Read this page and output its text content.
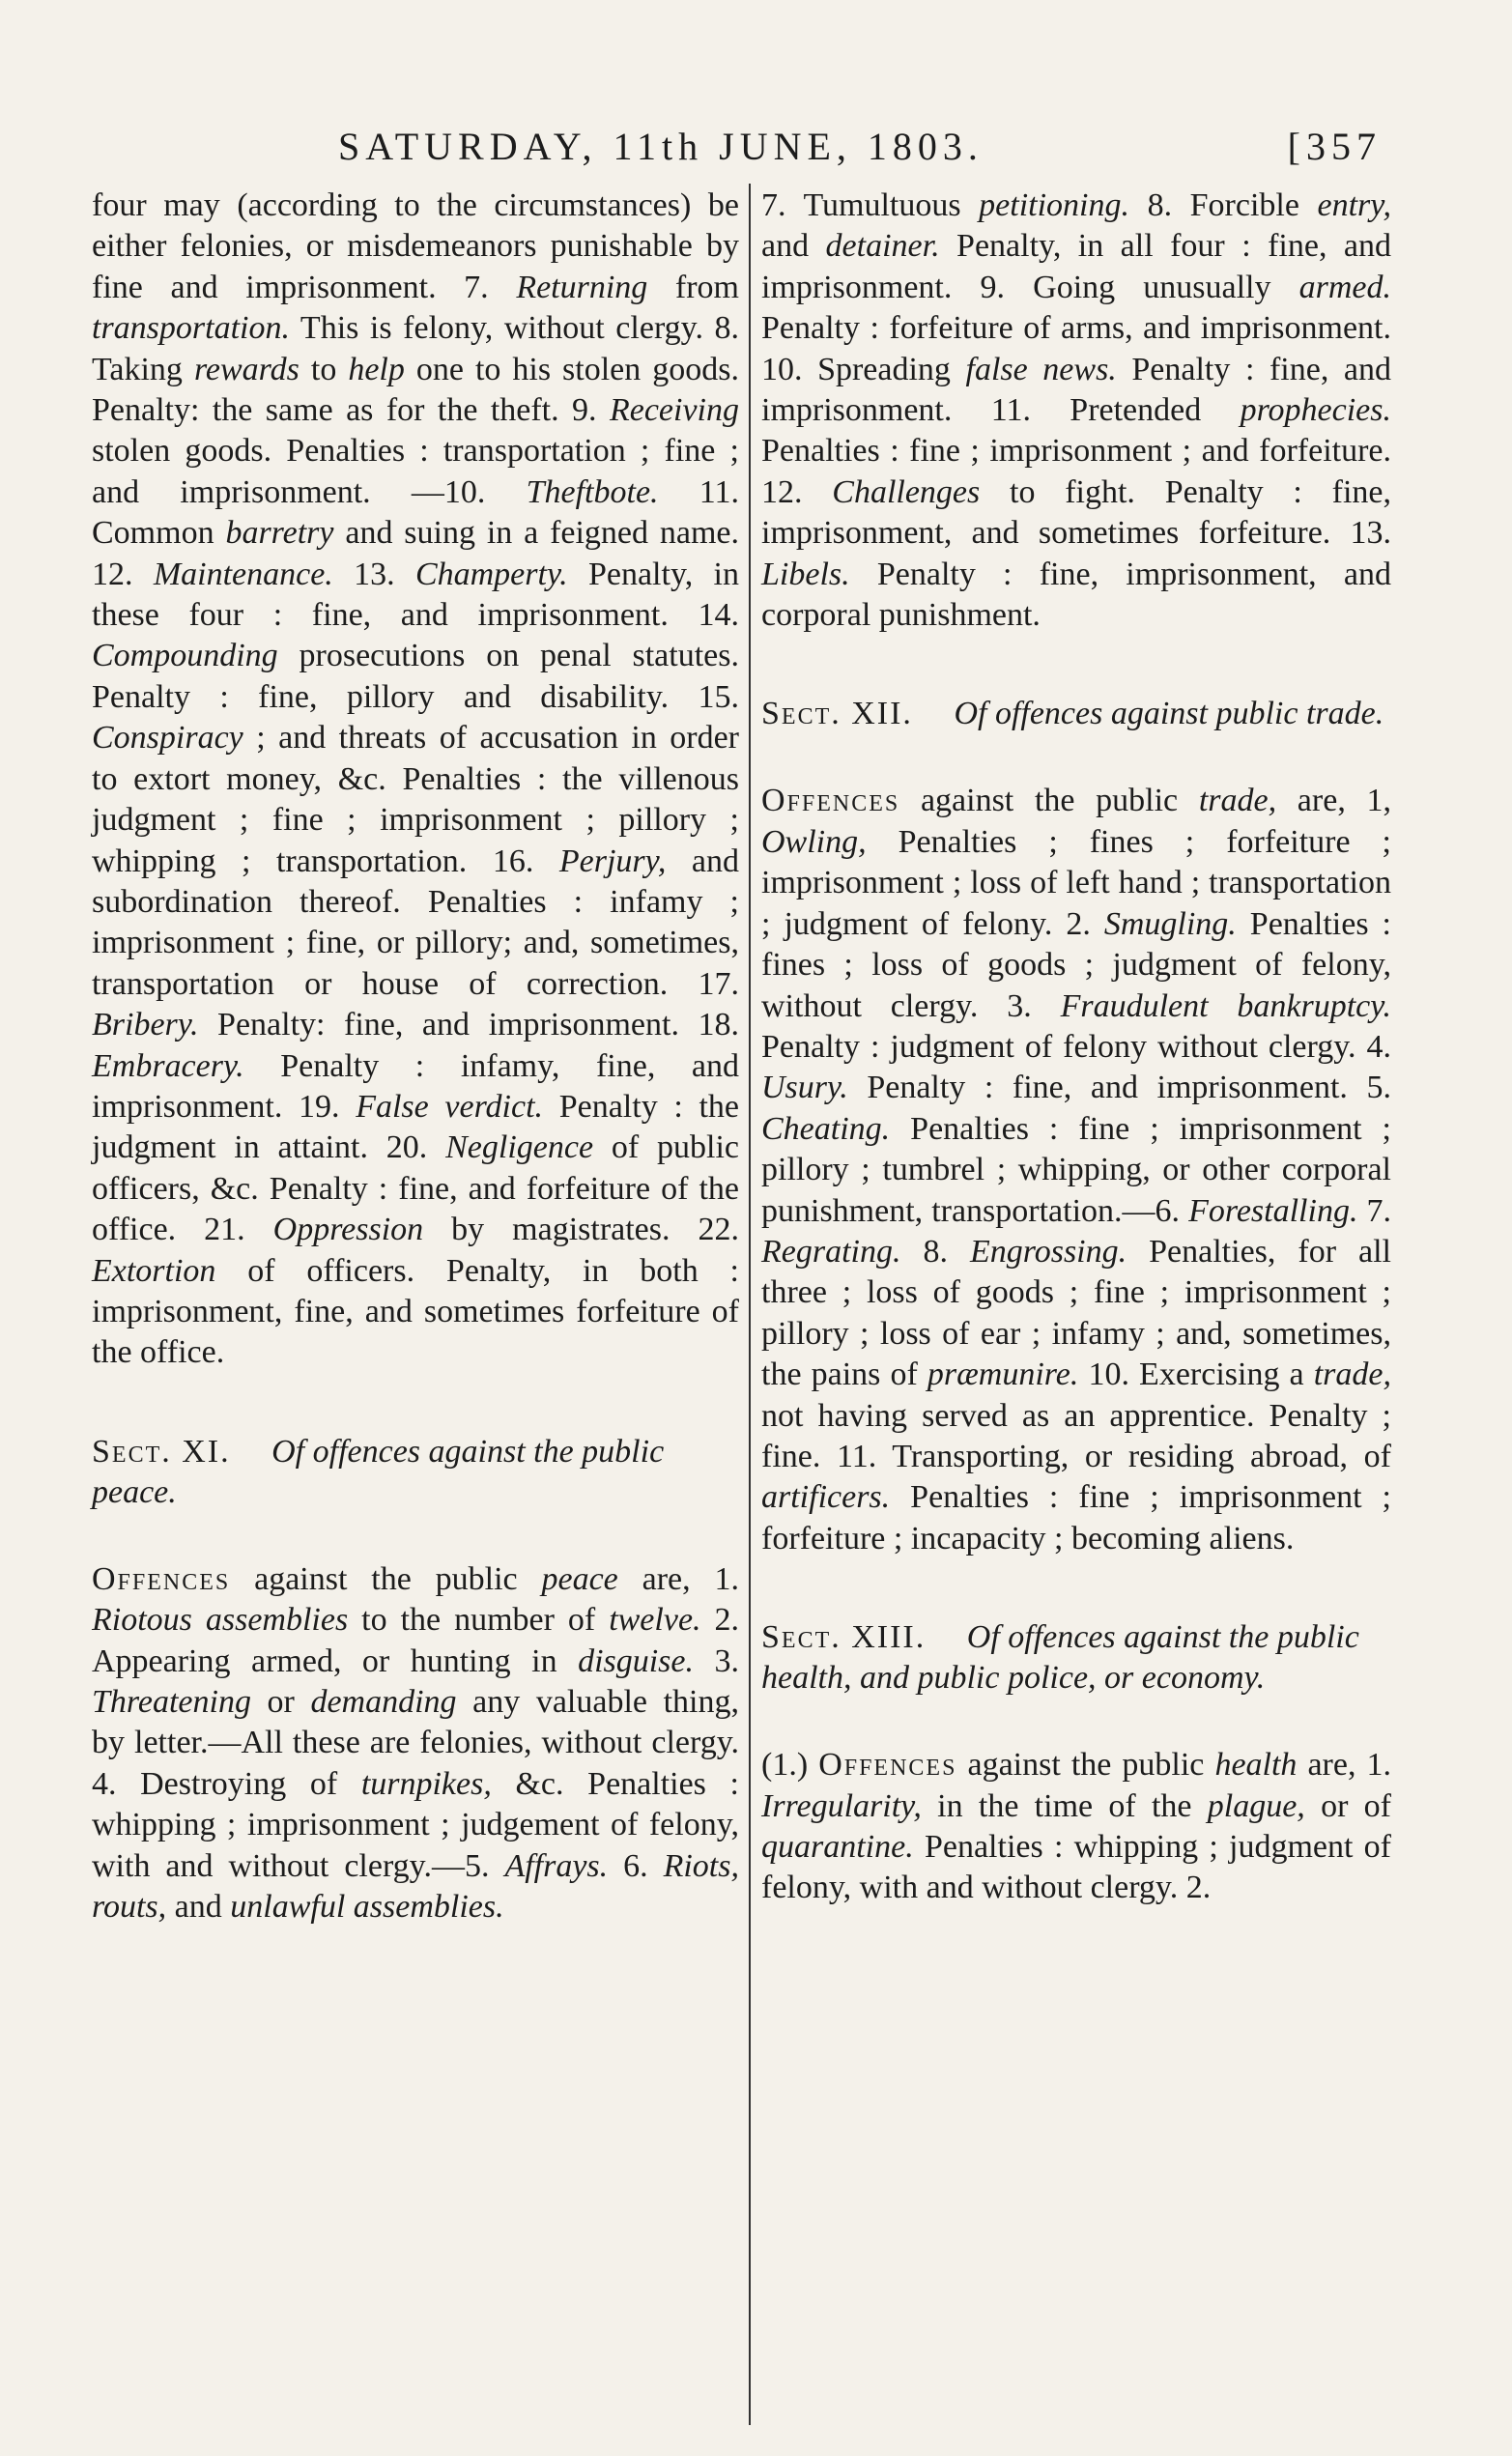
SATURDAY, 11th JUNE, 1803.	[357

four may (according to the circumstances) be either felonies, or misdemeanors punishable by fine and imprisonment. 7. Returning from transportation. This is felony, without clergy. 8. Taking rewards to help one to his stolen goods. Penalty: the same as for the theft. 9. Receiving stolen goods. Penalties : transportation ; fine ; and imprisonment. —10. Theftbote. 11. Common barretry and suing in a feigned name. 12. Maintenance. 13. Champerty. Penalty, in these four : fine, and imprisonment. 14. Compounding prosecutions on penal statutes. Penalty : fine, pillory and disability. 15. Conspiracy ; and threats of accusation in order to extort money, &c. Penalties : the villenous judgment ; fine ; imprisonment ; pillory ; whipping ; transportation. 16. Perjury, and subordination thereof. Penalties : infamy ; imprisonment ; fine, or pillory; and, sometimes, transportation or house of correction. 17. Bribery. Penalty: fine, and imprisonment. 18. Embracery. Penalty : infamy, fine, and imprisonment. 19. False verdict. Penalty : the judgment in attaint. 20. Negligence of public officers, &c. Penalty : fine, and forfeiture of the office. 21. Oppression by magistrates. 22. Extortion of officers. Penalty, in both : imprisonment, fine, and sometimes forfeiture of the office.

Sect. XI. Of offences against the public peace.

Offences against the public peace are, 1. Riotous assemblies to the number of twelve. 2. Appearing armed, or hunting in disguise. 3. Threatening or demanding any valuable thing, by letter.—All these are felonies, without clergy. 4. Destroying of turnpikes, &c. Penalties : whipping ; imprisonment ; judgement of felony, with and without clergy.—5. Affrays. 6. Riots, routs, and unlawful assemblies.

7. Tumultuous petitioning. 8. Forcible entry, and detainer. Penalty, in all four : fine, and imprisonment. 9. Going unusually armed. Penalty : forfeiture of arms, and imprisonment. 10. Spreading false news. Penalty : fine, and imprisonment. 11. Pretended prophecies. Penalties : fine ; imprisonment ; and forfeiture. 12. Challenges to fight. Penalty : fine, imprisonment, and sometimes forfeiture. 13. Libels. Penalty : fine, imprisonment, and corporal punishment.

Sect. XII. Of offences against public trade.

Offences against the public trade, are, 1, Owling, Penalties ; fines ; forfeiture ; imprisonment ; loss of left hand ; transportation ; judgment of felony. 2. Smugling. Penalties : fines ; loss of goods ; judgment of felony, without clergy. 3. Fraudulent bankruptcy. Penalty : judgment of felony without clergy. 4. Usury. Penalty : fine, and imprisonment. 5. Cheating. Penalties : fine ; imprisonment ; pillory ; tumbrel ; whipping, or other corporal punishment, transportation.—6. Forestalling. 7. Regrating. 8. Engrossing. Penalties, for all three ; loss of goods ; fine ; imprisonment ; pillory ; loss of ear ; infamy ; and, sometimes, the pains of præmunire. 10. Exercising a trade, not having served as an apprentice. Penalty ; fine. 11. Transporting, or residing abroad, of artificers. Penalties : fine ; imprisonment ; forfeiture ; incapacity ; becoming aliens.

Sect. XIII. Of offences against the public health, and public police, or economy.

(1.) Offences against the public health are, 1. Irregularity, in the time of the plague, or of quarantine. Penalties : whipping ; judgment of felony, with and without clergy. 2.
